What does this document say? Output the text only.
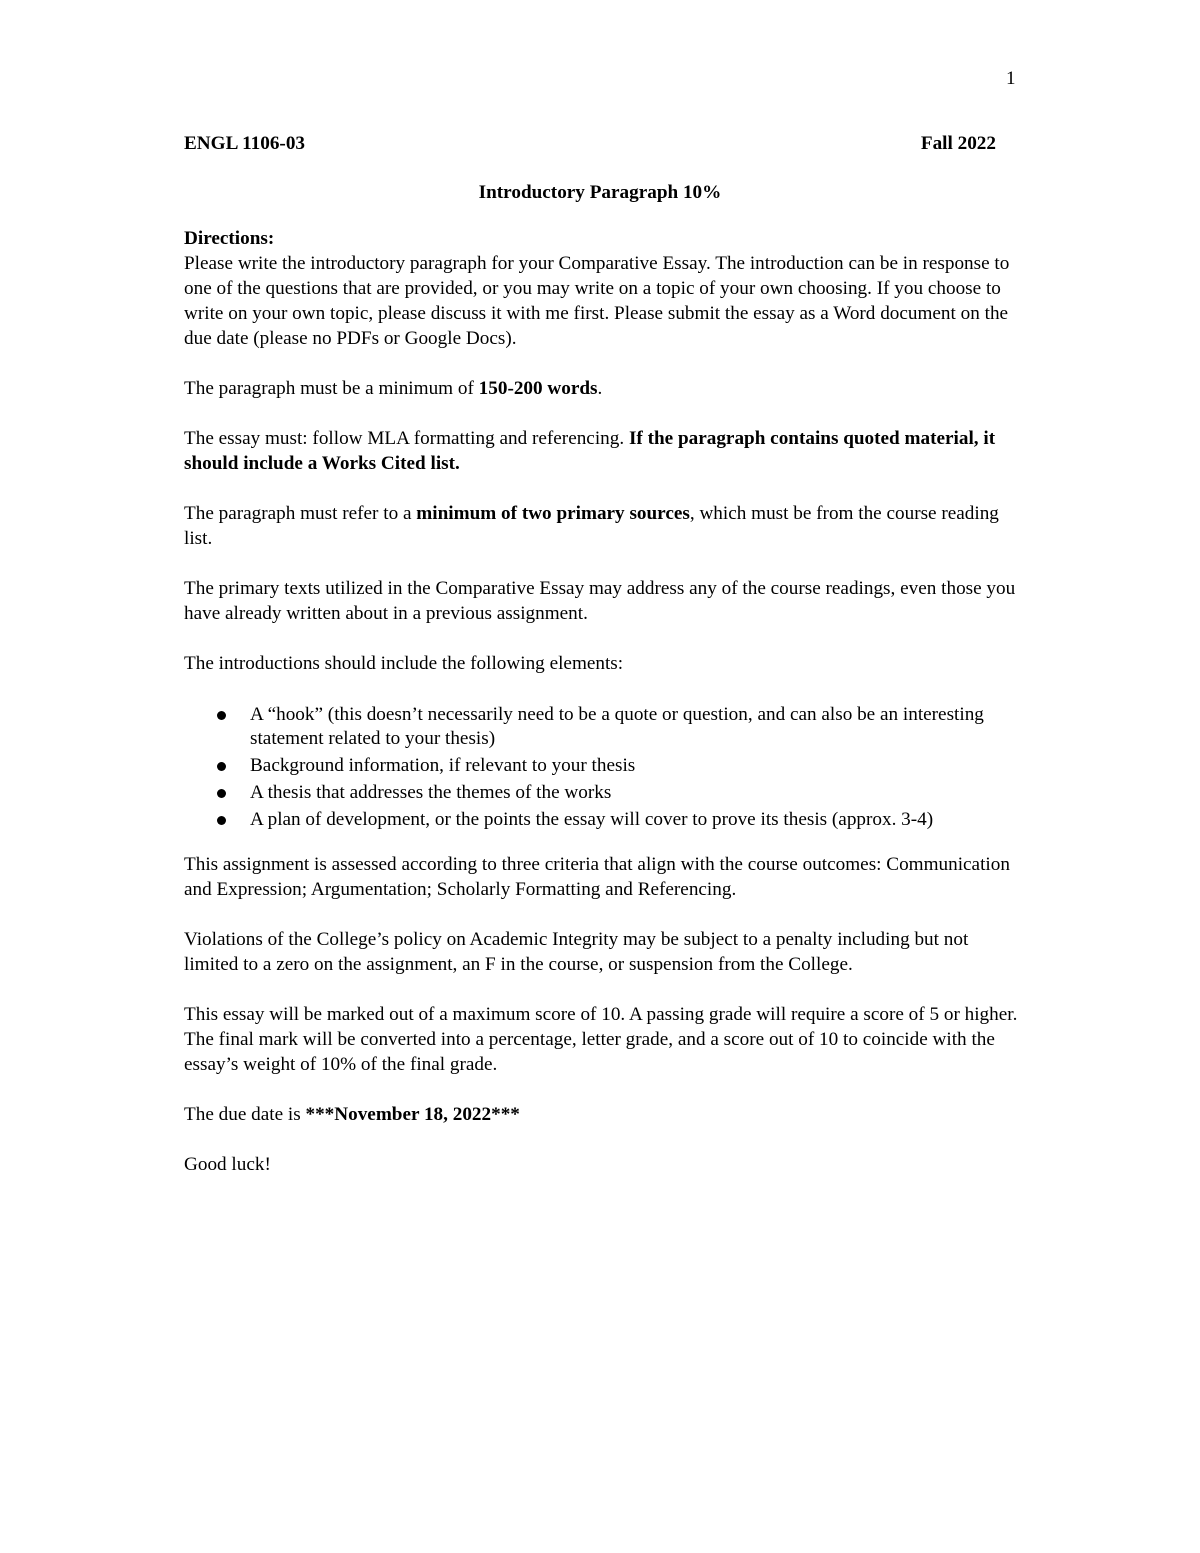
1
ENGL 1106-03	Fall 2022
Introductory Paragraph 10%
Directions:

Please write the introductory paragraph for your Comparative Essay. The introduction can be in response to one of the questions that are provided, or you may write on a topic of your own choosing. If you choose to write on your own topic, please discuss it with me first. Please submit the essay as a Word document on the due date (please no PDFs or Google Docs).

The paragraph must be a minimum of 150-200 words.

The essay must: follow MLA formatting and referencing. If the paragraph contains quoted material, it should include a Works Cited list.

The paragraph must refer to a minimum of two primary sources, which must be from the course reading list.

The primary texts utilized in the Comparative Essay may address any of the course readings, even those you have already written about in a previous assignment.

The introductions should include the following elements:

A “hook” (this doesn’t necessarily need to be a quote or question, and can also be an interesting statement related to your thesis)
Background information, if relevant to your thesis
A thesis that addresses the themes of the works
A plan of development, or the points the essay will cover to prove its thesis (approx. 3-4)

This assignment is assessed according to three criteria that align with the course outcomes: Communication and Expression; Argumentation; Scholarly Formatting and Referencing.

Violations of the College’s policy on Academic Integrity may be subject to a penalty including but not limited to a zero on the assignment, an F in the course, or suspension from the College.

This essay will be marked out of a maximum score of 10. A passing grade will require a score of 5 or higher. The final mark will be converted into a percentage, letter grade, and a score out of 10 to coincide with the essay’s weight of 10% of the final grade.

The due date is ***November 18, 2022***

Good luck!
